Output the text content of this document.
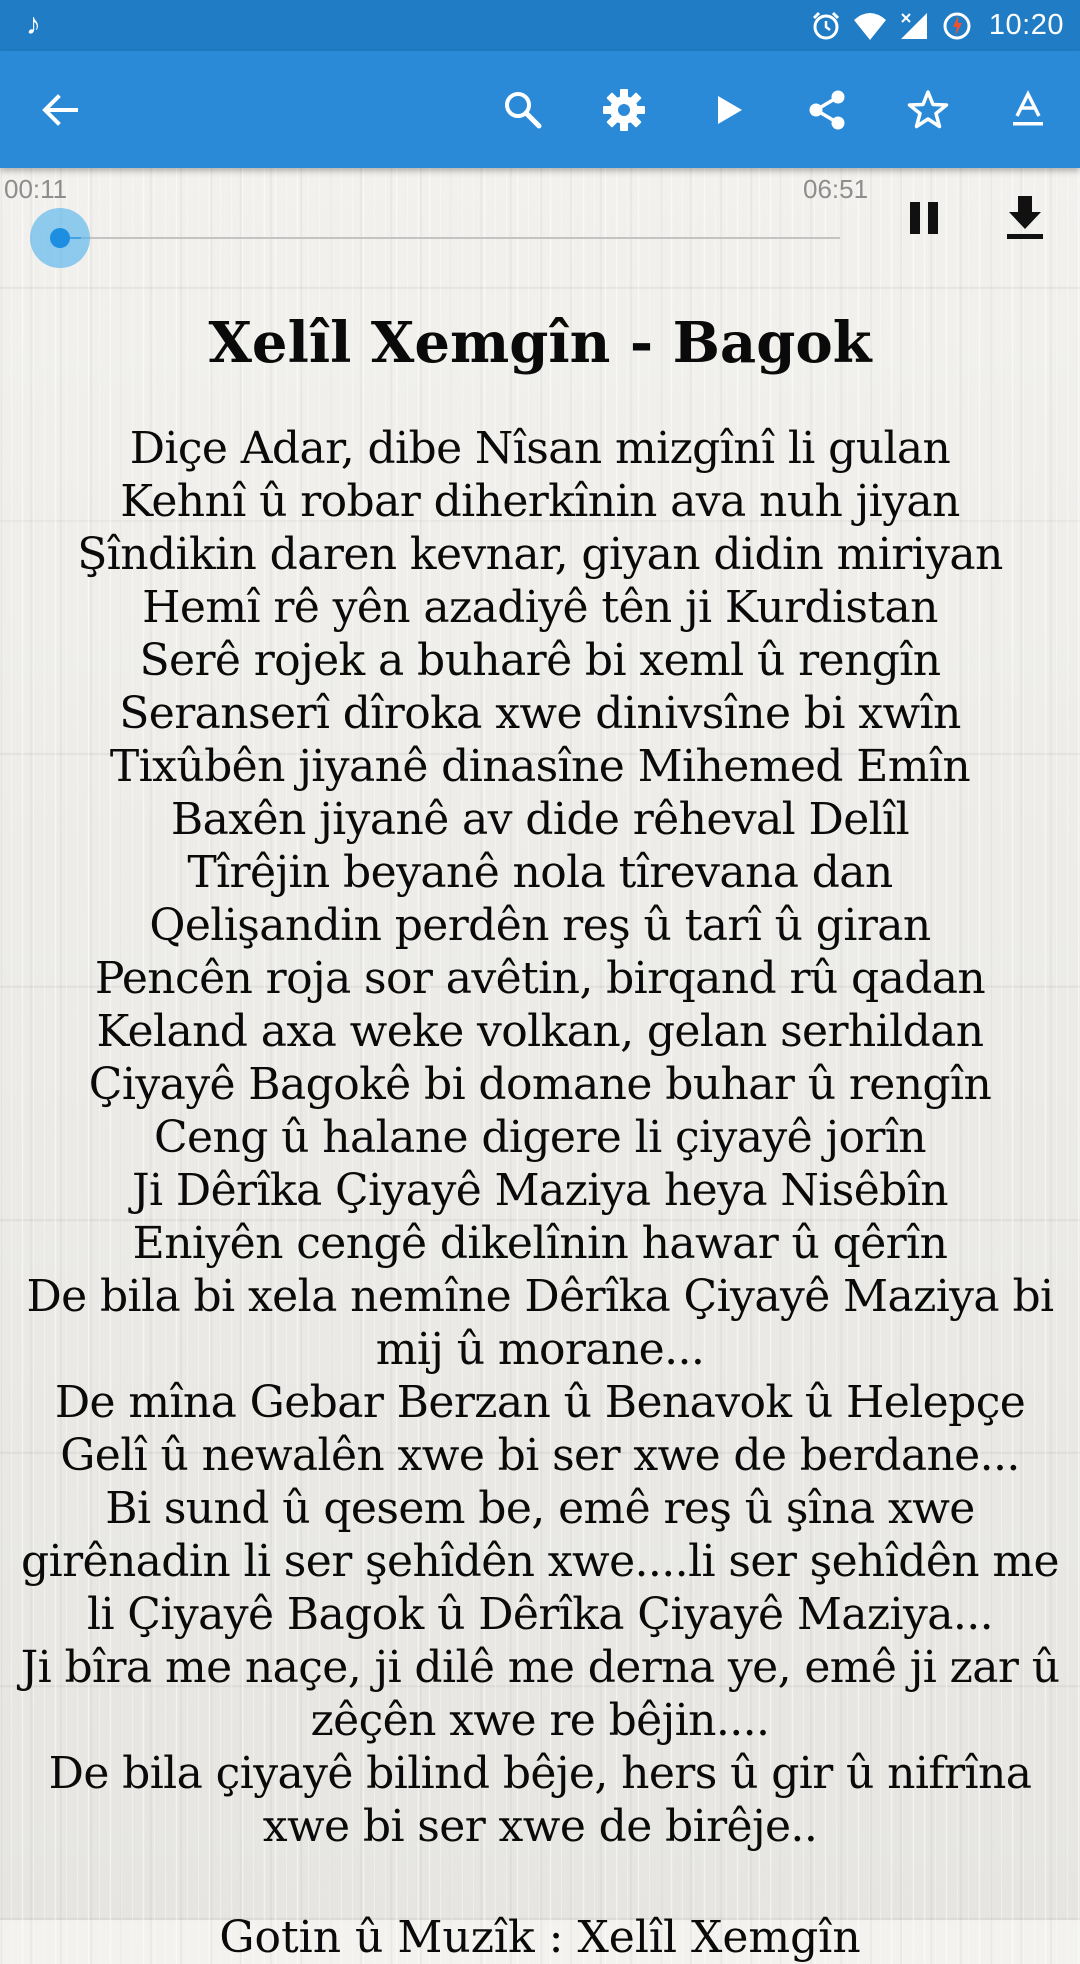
♪	10:20
00:11	06:51
Xelîl Xemgîn - Bagok
Diçe Adar, dibe Nîsan mizgînî li gulan
Kehnî û robar diherkînin ava nuh jiyan
Şîndikin daren kevnar, giyan didin miriyan
Hemî rê yên azadiyê tên ji Kurdistan
Serê rojek a buharê bi xeml û rengîn
Seranserî dîroka xwe dinivsîne bi xwîn
Tixûbên jiyanê dinasîne Mihemed Emîn
Baxên jiyanê av dide rêheval Delîl
Tîrêjin beyanê nola tîrevana dan
Qelişandin perdên reş û tarî û giran
Pencên roja sor avêtin, birqand rû qadan
Keland axa weke volkan, gelan serhildan
Çiyayê Bagokê bi domane buhar û rengîn
Ceng û halane digere li çiyayê jorîn
Ji Dêrîka Çiyayê Maziya heya Nisêbîn
Eniyên cengê dikelînin hawar û qêrîn
De bila bi xela nemîne Dêrîka Çiyayê Maziya bi mij û morane...
De mîna Gebar Berzan û Benavok û Helepçe
Gelî û newalên xwe bi ser xwe de berdane...
Bi sund û qesem be, emê reş û şîna xwe girênadin li ser şehîdên xwe....li ser şehîdên me li Çiyayê Bagok û Dêrîka Çiyayê Maziya...
Ji bîra me naçe, ji dilê me derna ye, emê ji zar û zêçên xwe re bêjin....
De bila çiyayê bilind bêje, hers û gir û nifrîna xwe bi ser xwe de birêje..
Gotin û Muzîk : Xelîl Xemgîn
